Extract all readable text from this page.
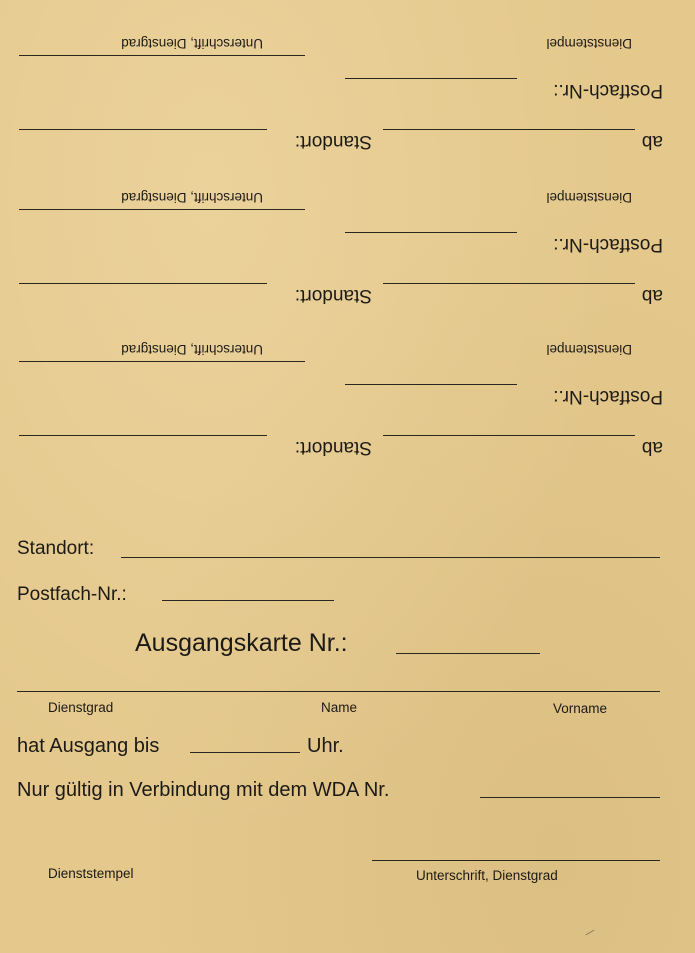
ab
Standort:
Postfach-Nr.:
Dienststempel
Unterschrift, Dienstgrad
ab
Standort:
Postfach-Nr.:
Dienststempel
Unterschrift, Dienstgrad
ab
Standort:
Postfach-Nr.:
Dienststempel
Unterschrift, Dienstgrad
Standort:
Postfach-Nr.:
Ausgangskarte Nr.:
Dienstgrad	Name	Vorname
hat Ausgang bis	Uhr.
Nur gültig in Verbindung mit dem WDA Nr.
Dienststempel	Unterschrift, Dienstgrad
